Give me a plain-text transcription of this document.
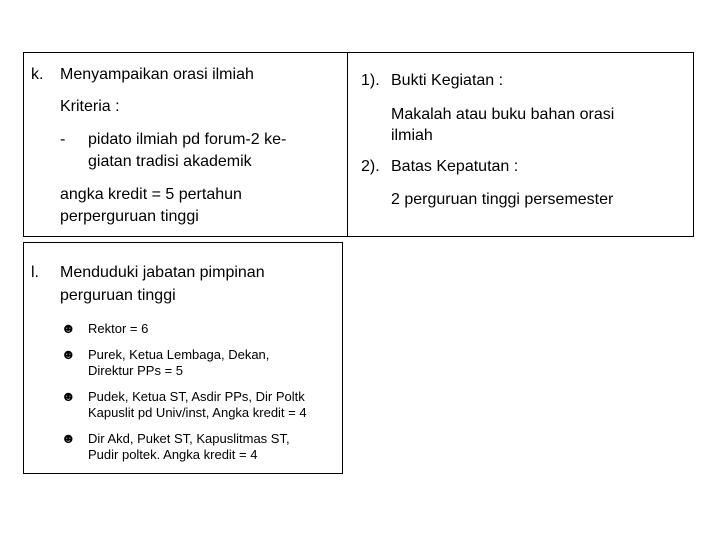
k. Menyampaikan orasi ilmiah
Kriteria :
- pidato ilmiah pd forum-2 ke-
giatan tradisi akademik
angka kredit = 5 pertahun
perperguruan tinggi
l. Menduduki jabatan pimpinan
perguruan tinggi
☻ Rektor = 6
☻ Purek, Ketua Lembaga, Dekan,
Direktur PPs = 5
☻ Pudek, Ketua ST, Asdir PPs, Dir Poltk
Kapuslit pd Univ/inst, Angka kredit = 4
☻ Dir Akd, Puket ST, Kapuslitmas ST,
Pudir poltek. Angka kredit = 4
1). Bukti Kegiatan :
Makalah atau buku bahan orasi
ilmiah
2). Batas Kepatutan :
2 perguruan tinggi persemester
